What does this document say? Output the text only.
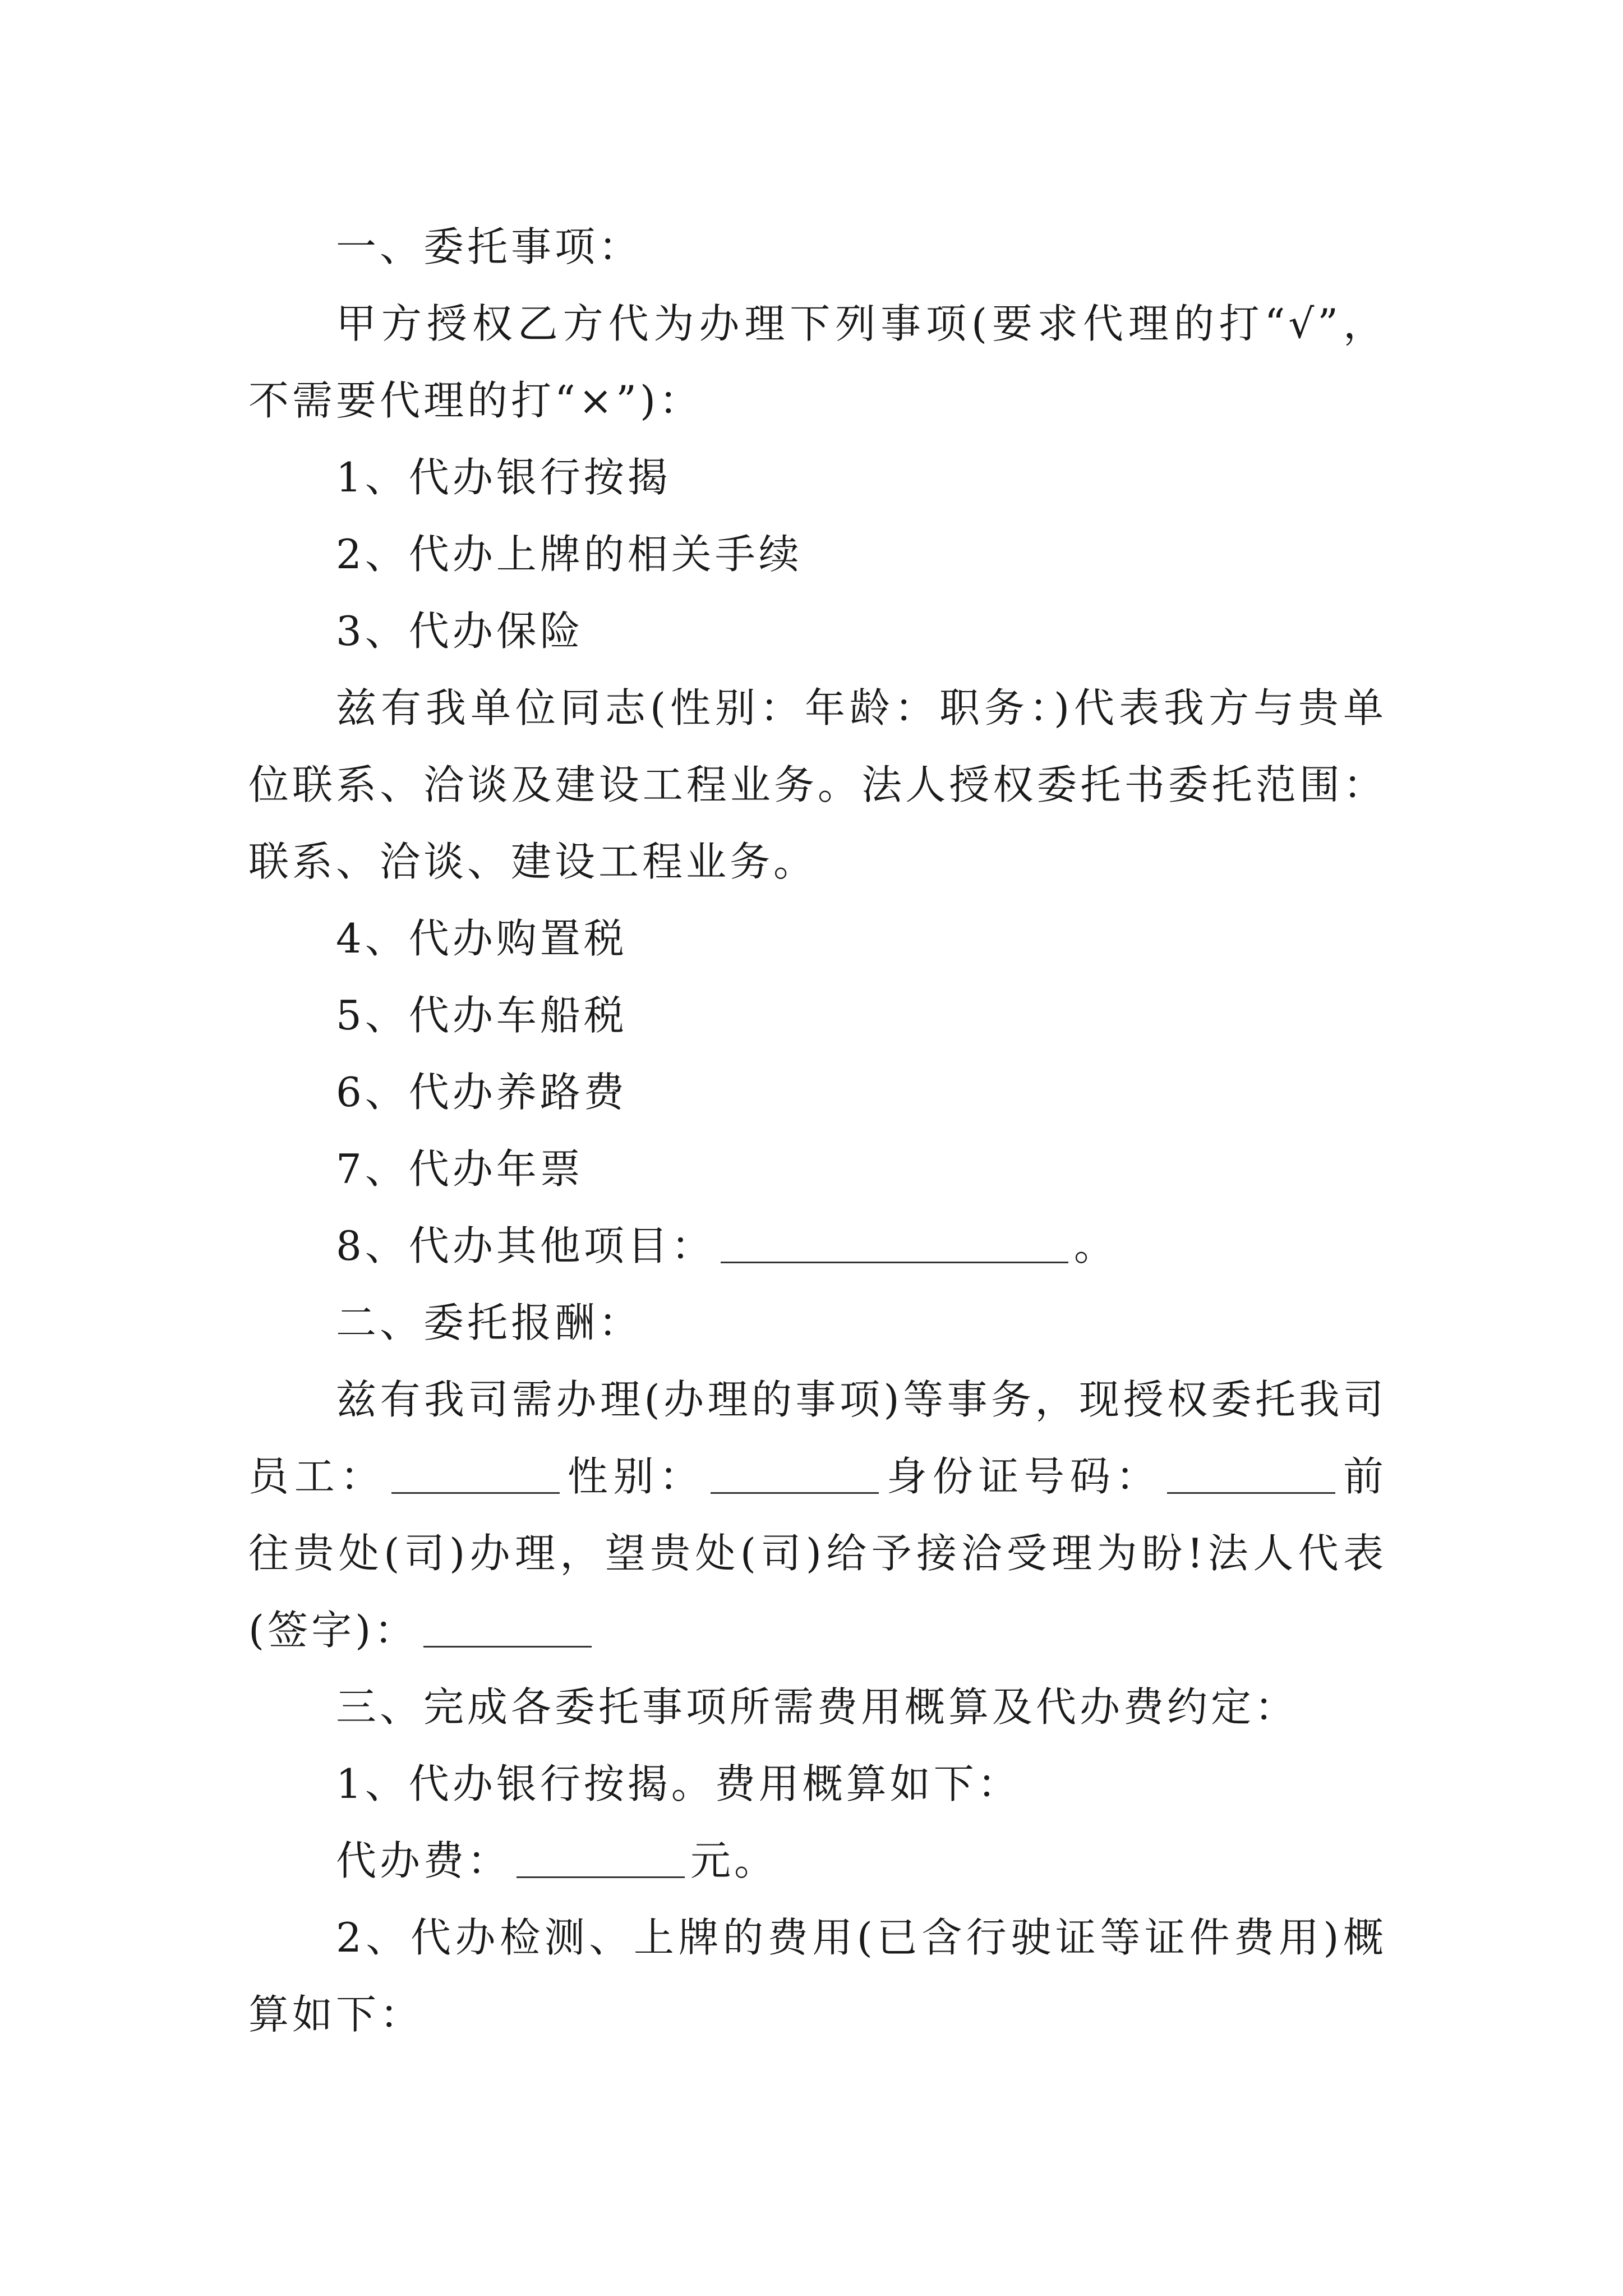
一、委托事项：

甲方授权乙方代为办理下列事项(要求代理的打“√”，不需要代理的打“×”)：

1、代办银行按揭

2、代办上牌的相关手续

3、代办保险

兹有我单位同志(性别：年龄：职务：)代表我方与贵单位联系、洽谈及建设工程业务。法人授权委托书委托范围：联系、洽谈、建设工程业务。

4、代办购置税

5、代办车船税

6、代办养路费

7、代办年票

8、代办其他项目：	。

二、委托报酬：

兹有我司需办理(办理的事项)等事务，现授权委托我司员工：	性别：	身份证号码：	前往贵处(司)办理，望贵处(司)给予接洽受理为盼!法人代表(签字)：

三、完成各委托事项所需费用概算及代办费约定：

1、代办银行按揭。费用概算如下：

代办费：	元。

2、代办检测、上牌的费用(已含行驶证等证件费用)概算如下：
